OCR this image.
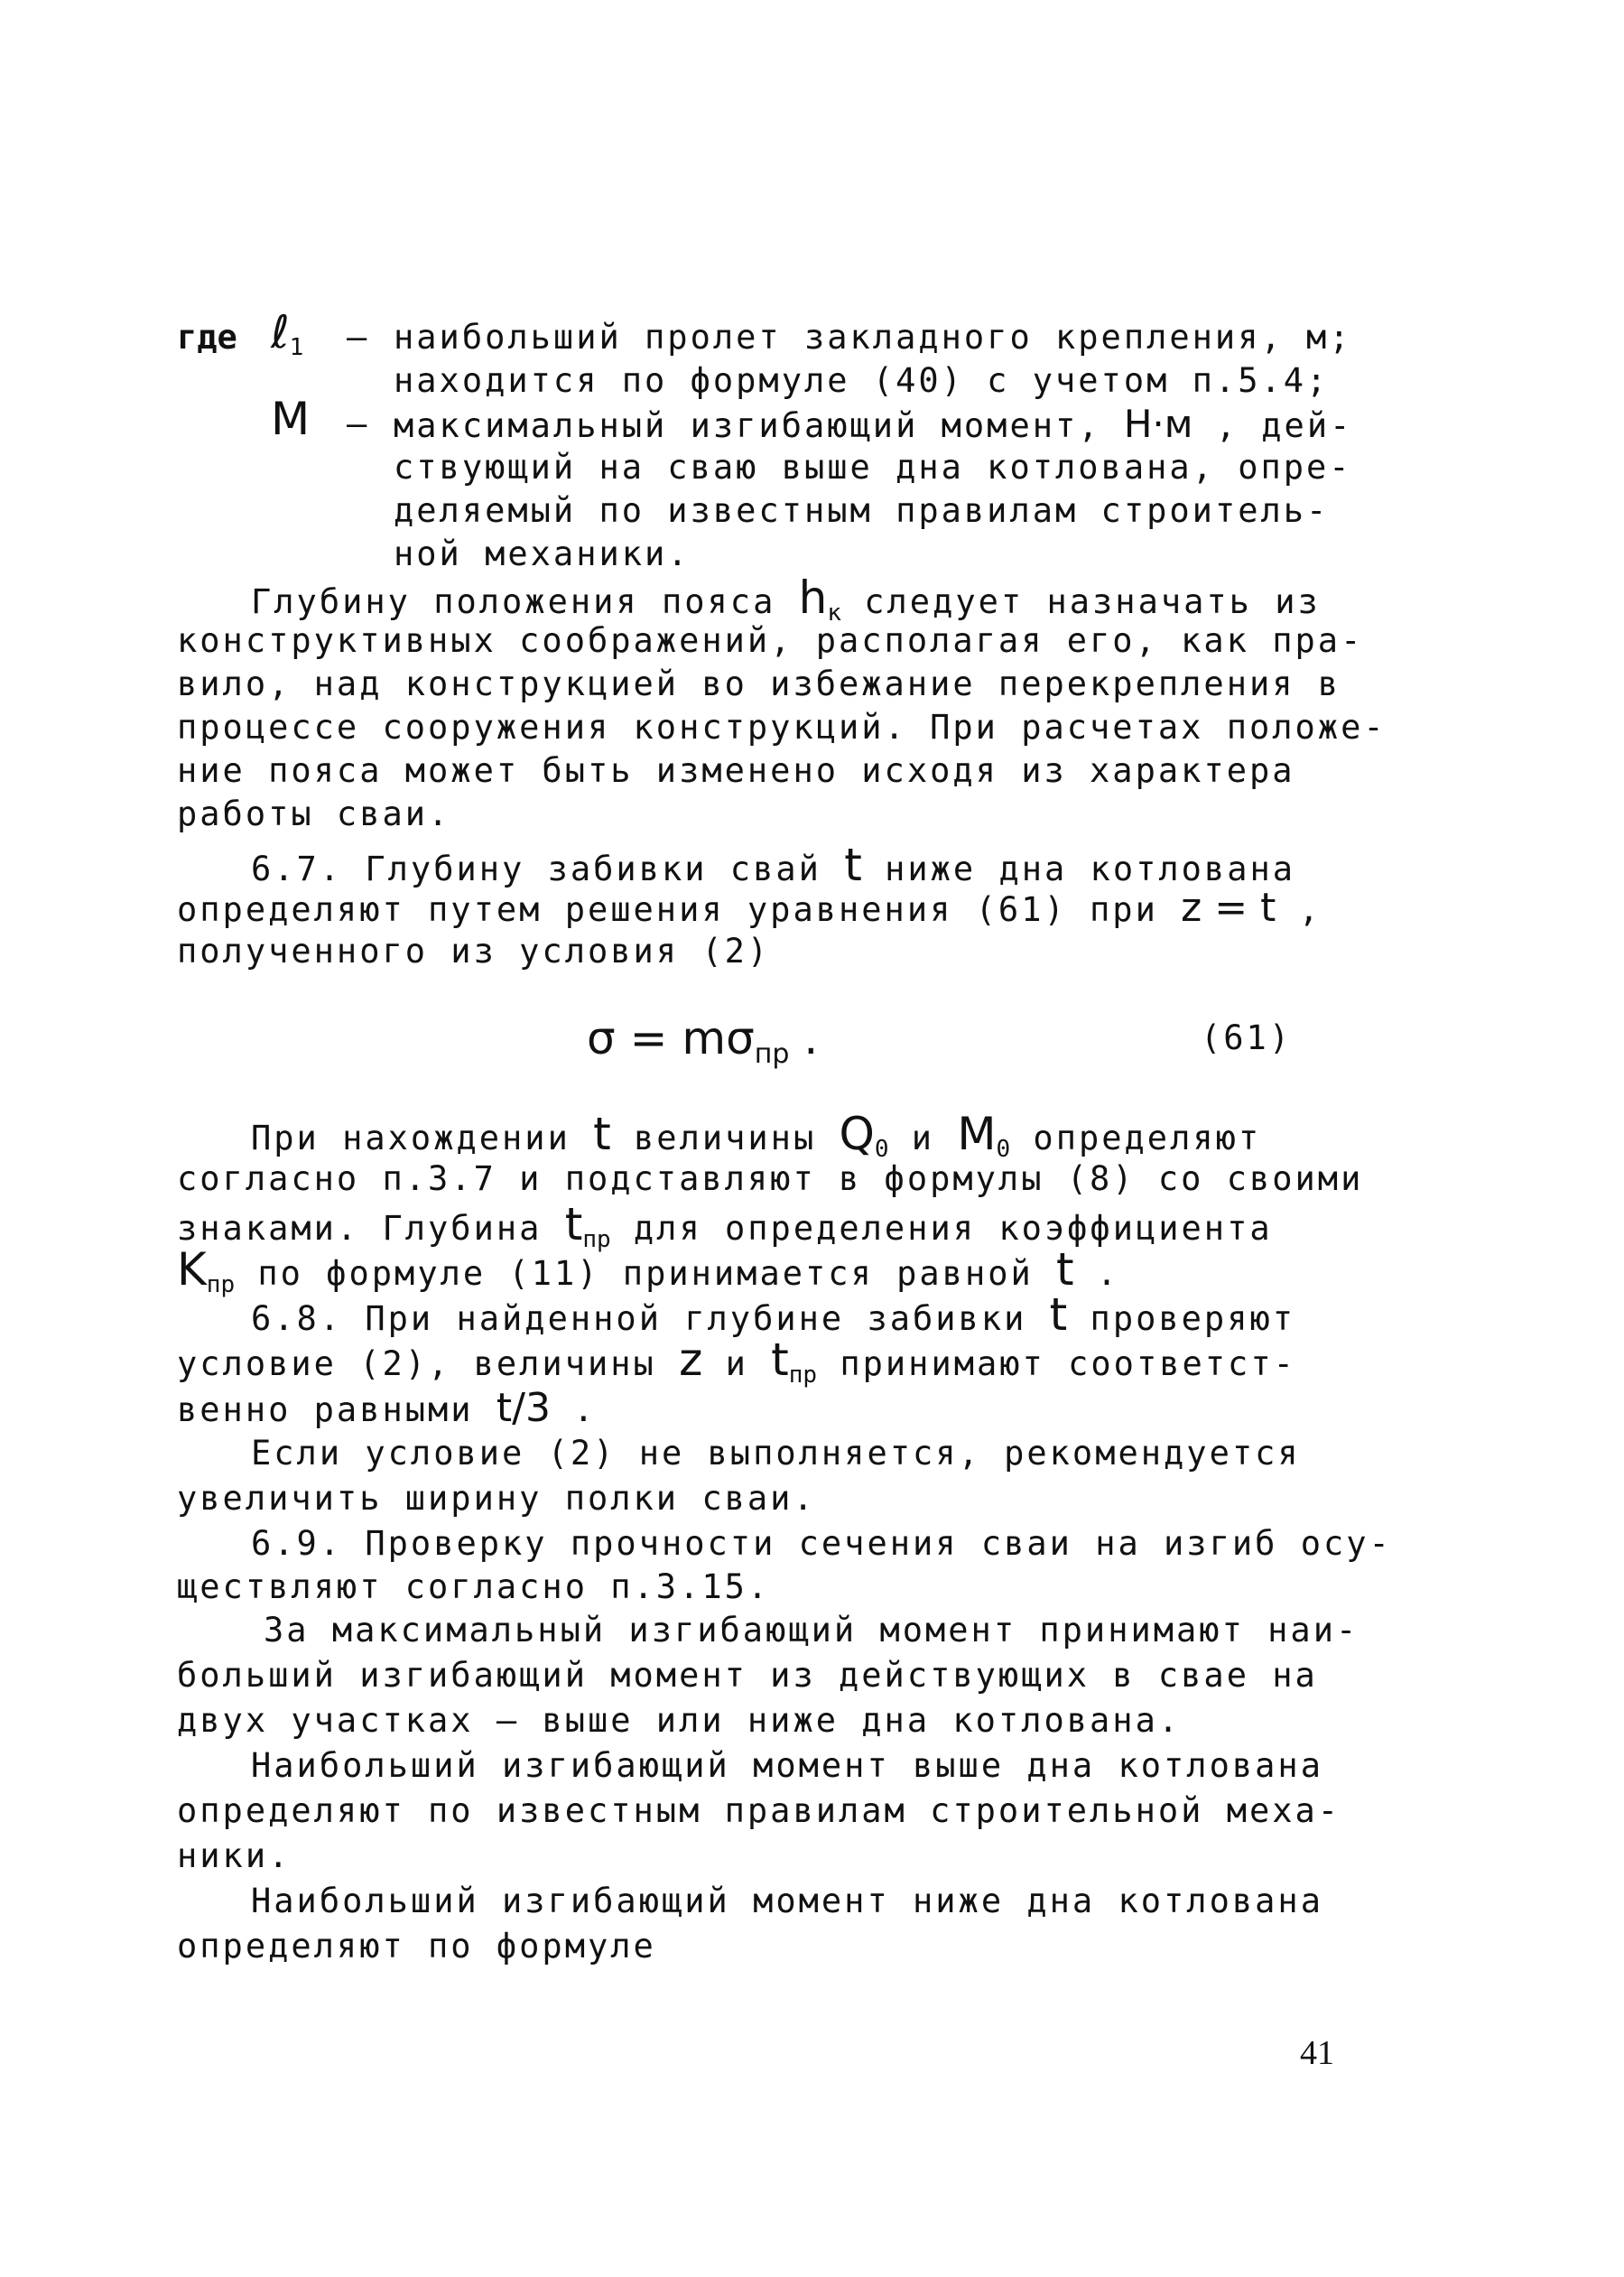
где ℓ$_1$ – наибольший пролет закладного крепления, м;
находится по формуле (40) с учетом п.5.4;
M – максимальный изгибающий момент, Н·м , дей-
ствующий на сваю выше дна котлована, опре-
деляемый по известным правилам строитель-
ной механики.
Глубину положения пояса $h_к$ следует назначать из
конструктивных соображений, располагая его, как пра-
вило, над конструкцией во избежание перекрепления в
процессе сооружения конструкций. При расчетах положе-
ние пояса может быть изменено исходя из характера
работы сваи.
6.7. Глубину забивки свай t ниже дна котлована
определяют путем решения уравнения (61) при z = t ,
полученного из условия (2)
$\sigma = m\sigma_{пр}$ .	(61)
При нахождении t величины $Q_0$ и $M_0$ определяют
согласно п.3.7 и подставляют в формулы (8) со своими
знаками. Глубина $t_{пр}$ для определения коэффициента
$K_{пр}$ по формуле (11) принимается равной t .
6.8. При найденной глубине забивки t проверяют
условие (2), величины z и $t_{пр}$ принимают соответст-
венно равными t/3 .
Если условие (2) не выполняется, рекомендуется
увеличить ширину полки сваи.
6.9. Проверку прочности сечения сваи на изгиб осу-
ществляют согласно п.3.15.
За максимальный изгибающий момент принимают наи-
больший изгибающий момент из действующих в свае на
двух участках – выше или ниже дна котлована.
Наибольший изгибающий момент выше дна котлована
определяют по известным правилам строительной меха-
ники.
Наибольший изгибающий момент ниже дна котлована
определяют по формуле
41
